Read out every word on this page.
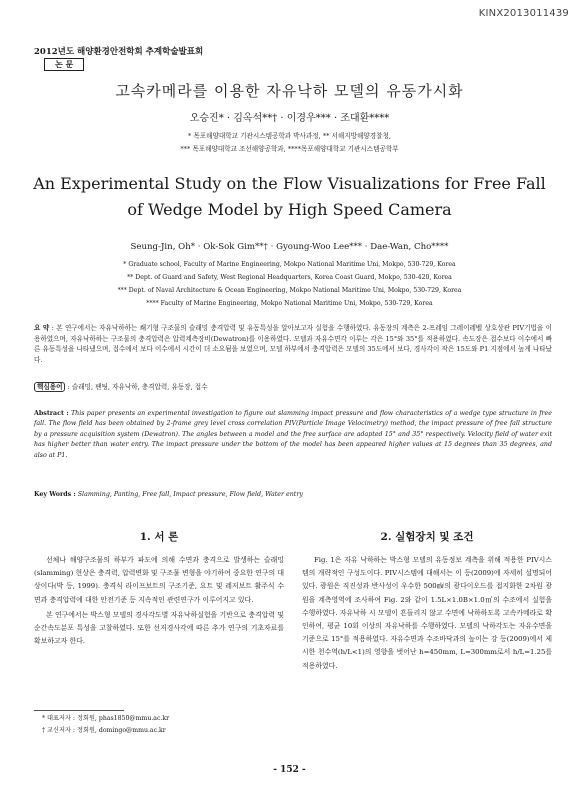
KINX2013011439
2012년도 해양환경안전학회 추계학술발표회
논 문
고속카메라를 이용한 자유낙하 모델의 유동가시화
오승진* · 김옥석**† · 이경우*** · 조대환****
* 목포해양대학교 기관시스템공학과 박사과정, ** 서해지방해양경찰청,
*** 목포해양대학교 조선해양공학과, ****목포해양대학교 기관시스템공학부
An Experimental Study on the Flow Visualizations for Free Fall of Wedge Model by High Speed Camera
Seung-Jin, Oh* · Ok-Sok Gim**† · Gyoung-Woo Lee*** · Dae-Wan, Cho****
* Graduate school, Faculty of Marine Engineering, Mokpo National Maritime Uni, Mokpo, 530-729, Korea
** Dept. of Guard and Safety, West Regional Headquarters, Korea Coast Guard, Mokpo, 530-420, Korea
*** Dept. of Naval Architecture & Ocean Engineering, Mokpo National Maritime Uni, Mokpo, 530-729, Korea
**** Faculty of Marine Engineering, Mokpo National Maritime Uni, Mokpo, 530-729, Korea
요 약 : 본 연구에서는 자유낙하하는 쐐기형 구조물의 슬래밍 충격압력 및 유동특성을 알아보고자 실험을 수행하였다. 유동장의 계측은 2-프레임 그레이레벨 상호상관 PIV기법을 이용하였으며, 자유낙하하는 구조물의 충격압력은 압력계측장비(Dewatron)를 이용하였다. 모델과 자유수면각 이루는 각은 15°와 35°를 적용하였다. 속도장은 접수보다 이수에서 빠른 유동특성을 나타냈으며, 접수에서 보다 이수에서 시간이 더 소요됨을 보였으며, 모델 하부에서 충격압력은 모델의 35도에서 보다, 경사각이 작은 15도와 P1 지점에서 높게 나타났다.
핵심용어 : 슬래밍, 팬팅, 자유낙하, 충격압력, 유동장, 접수
Abstract : This paper presents an experimental investigation to figure out slamming impact pressure and flow characteristics of a wedge type structure in free fall. The flow field has been obtained by 2-frame grey level cross correlation PIV(Particle Image Velocimetry) method, the impact pressure of free fall structure by a pressure acquisition system (Dewatron). The angles between a model and the free surface are adapted 15° and 35° respectively. Velocity field of water exit has higher better than water entry. The impact pressure under the bottom of the model has been appeared higher values at 15 degrees than 35 degrees, and also at P1.
Key Words : Slamming, Panting, Free fall, Impact pressure, Flow field, Water entry
1. 서 론

선체나 해양구조물의 하부가 파도에 의해 수면과 충격으로 발생하는 슬래밍(slamming) 현상은 충격력, 압력변화 및 구조물 변형을 야기하여 중요한 연구의 대상이다(박 등, 1999). 충격식 라이프보트의 구조기준, 요트 및 레저보트 활주식 수면과 충격압력에 대한 안전기준 등 지속적인 관련연구가 이루어지고 있다.

본 연구에서는 박스형 모델의 경사각도별 자유낙하실험을 기반으로 충격압력 및 순간속도분포 특성을 고찰하였다. 또한 선저경사각에 따른 추가 연구의 기초자료를 확보하고자 한다.

* 대표저자 : 정회원, phas1850@mmu.ac.kr
† 교신저자 : 정회원, domingo@mmu.ac.kr
2. 실험장치 및 조건

Fig. 1은 자유 낙하하는 박스형 모델의 유동정보 계측을 위해 적용한 PIV시스템의 개략적인 구성도이다. PIV시스템에 대해서는 이 등(2009)에 자세히 설명되어있다. 광원은 직진성과 반사성이 우수한 500㎽의 광다이오드를 접지화한 2차원 광원을 계측영역에 조사하여 Fig. 2와 같이 1.5L×1.0B×1.0㎡의 수조에서 실험을 수행하였다. 자유낙하 시 모델이 흔들리지 않고 수면에 낙하하도록 고속카메라로 확인하여, 평균 10회 이상의 자유낙하를 수행하였다. 모델의 낙하각도는 자유수면을 기준으로 15°를 적용하였다. 자유수면과 수조바닥과의 높이는 강 등(2009)에서 제시한 천수역(h/L<1)의 영향을 벗어난 h=450mm, L=300mm로서 h/L=1.25를 적용하였다.

- 152 -
